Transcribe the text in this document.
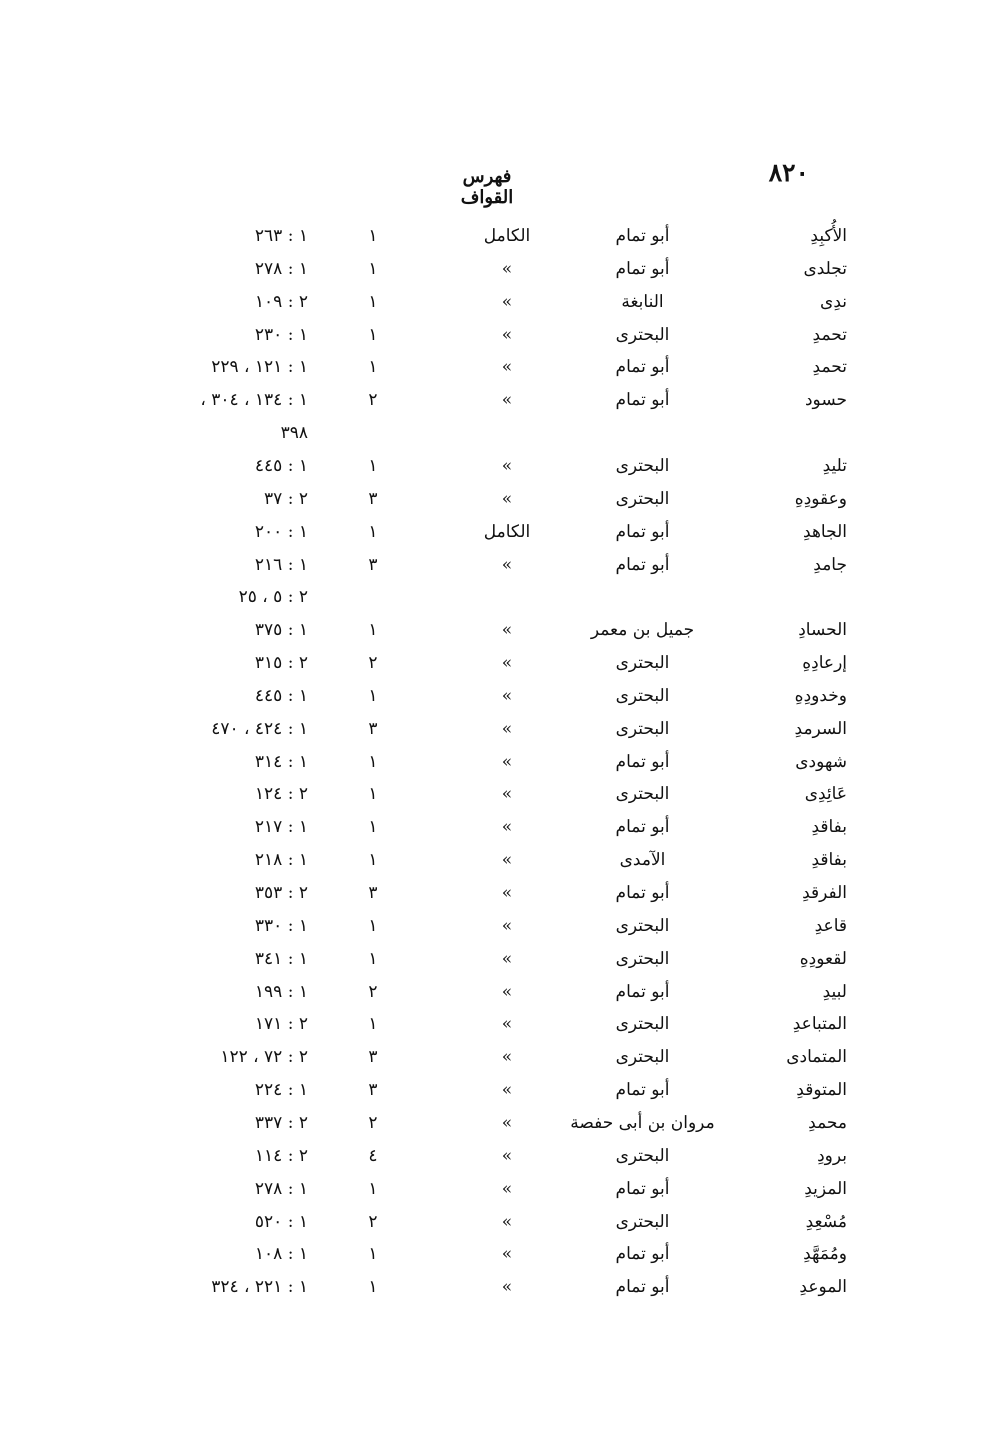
٨٢٠
فهرس القواف
الأُكبِدِ
أبو تمام
الكامل
١
١ : ٢٦٣
تجلدى
أبو تمام
»
١
١ : ٢٧٨
ندِى
النابغة
»
١
٢ : ١٠٩
تحمدِ
البحترى
»
١
١ : ٢٣٠
تحمدِ
أبو تمام
»
١
١ : ١٢١ ، ٢٢٩
حسود
أبو تمام
»
٢
١ : ١٣٤ ، ٣٠٤ ،
٣٩٨
تليدِ
البحترى
»
١
١ : ٤٤٥
وعقودِهِ
البحترى
»
٣
٢ : ٣٧
الجاهدِ
أبو تمام
الكامل
١
١ : ٢٠٠
جامدِ
أبو تمام
»
٣
١ : ٢١٦
٢ : ٥ ، ٢٥
الحسادِ
جميل بن معمر
»
١
١ : ٣٧٥
إرعادِهِ
البحترى
»
٢
٢ : ٣١٥
وخدودِهِ
البحترى
»
١
١ : ٤٤٥
السرمدِ
البحترى
»
٣
١ : ٤٢٤ ، ٤٧٠
شهودى
أبو تمام
»
١
١ : ٣١٤
عَائِدِى
البحترى
»
١
٢ : ١٢٤
بفاقدِ
أبو تمام
»
١
١ : ٢١٧
بفاقدِ
الآمدى
»
١
١ : ٢١٨
الفرقدِ
أبو تمام
»
٣
٢ : ٣٥٣
قاعدِ
البحترى
»
١
١ : ٣٣٠
لقعودِهِ
البحترى
»
١
١ : ٣٤١
لبيدِ
أبو تمام
»
٢
١ : ١٩٩
المتباعدِ
البحترى
»
١
٢ : ١٧١
المتمادى
البحترى
»
٣
٢ : ٧٢ ، ١٢٢
المتوقدِ
أبو تمام
»
٣
١ : ٢٢٤
محمدِ
مروان بن أبى حفصة
»
٢
٢ : ٣٣٧
برودِ
البحترى
»
٤
٢ : ١١٤
المزيدِ
أبو تمام
»
١
١ : ٢٧٨
مُسْعِدِ
البحترى
»
٢
١ : ٥٢٠
ومُمَهَّدِ
أبو تمام
»
١
١ : ١٠٨
الموعدِ
أبو تمام
»
١
١ : ٢٢١ ، ٣٢٤
